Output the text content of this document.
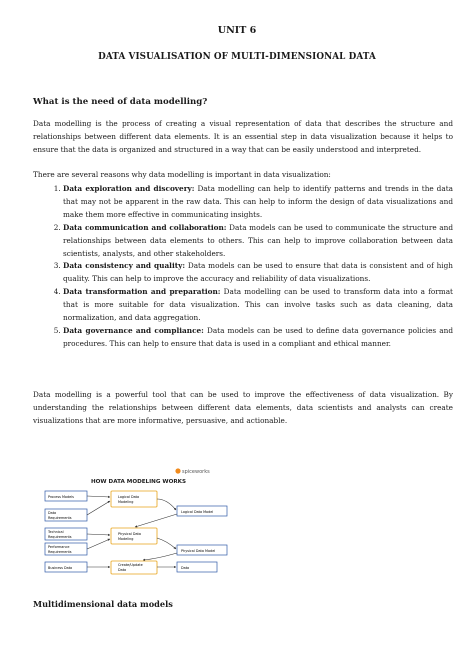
UNIT 6
DATA VISUALISATION OF MULTI-DIMENSIONAL DATA
What is the need of data modelling?
Data modelling is the process of creating a visual representation of data that describes the structure and relationships between different data elements. It is an essential step in data visualization because it helps to ensure that the data is organized and structured in a way that can be easily understood and interpreted.
There are several reasons why data modelling is important in data visualization:
1. Data exploration and discovery: Data modelling can help to identify patterns and trends in the data that may not be apparent in the raw data. This can help to inform the design of data visualizations and make them more effective in communicating insights.
2. Data communication and collaboration: Data models can be used to communicate the structure and relationships between data elements to others. This can help to improve collaboration between data scientists, analysts, and other stakeholders.
3. Data consistency and quality: Data models can be used to ensure that data is consistent and of high quality. This can help to improve the accuracy and reliability of data visualizations.
4. Data transformation and preparation: Data modelling can be used to transform data into a format that is more suitable for data visualization. This can involve tasks such as data cleaning, data normalization, and data aggregation.
5. Data governance and compliance: Data models can be used to define data governance policies and procedures. This can help to ensure that data is used in a compliant and ethical manner.
Data modelling is a powerful tool that can be used to improve the effectiveness of data visualization. By understanding the relationships between different data elements, data scientists and analysts can create visualizations that are more informative, persuasive, and actionable.
spiceworks
HOW DATA MODELING WORKS
Process Models
Data
Requirements
Technical
Requirements
Performance
Requirements
Business Data
Logical Data
Modeling
Physical Data
Modeling
Create/Update
Data
Logical Data Model
Physical Data Model
Data
Multidimensional data models
